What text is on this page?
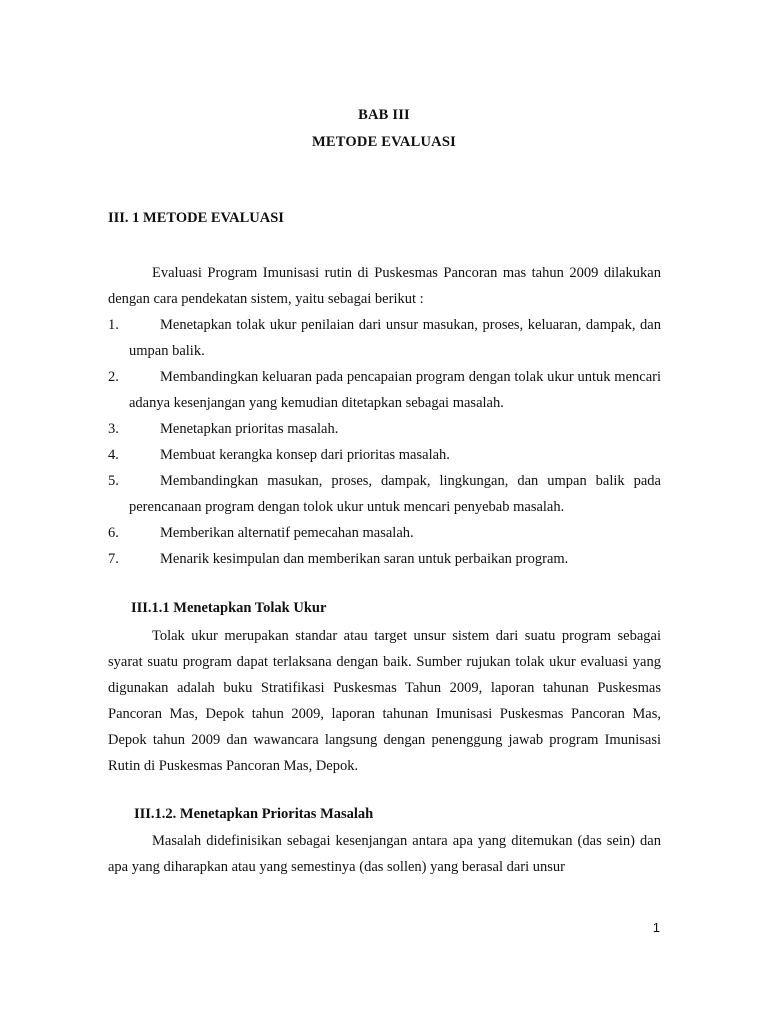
BAB III
METODE EVALUASI
III. 1 METODE EVALUASI
Evaluasi Program Imunisasi rutin di Puskesmas Pancoran mas tahun 2009 dilakukan dengan cara pendekatan sistem, yaitu sebagai berikut :
1.	Menetapkan tolak ukur penilaian dari unsur masukan, proses, keluaran, dampak, dan umpan balik.
2.	Membandingkan keluaran pada pencapaian program dengan tolak ukur untuk mencari adanya kesenjangan yang kemudian ditetapkan sebagai masalah.
3.	Menetapkan prioritas masalah.
4.	Membuat kerangka konsep dari prioritas masalah.
5.	Membandingkan masukan, proses, dampak, lingkungan, dan umpan balik pada perencanaan program dengan tolok ukur untuk mencari penyebab masalah.
6.	Memberikan alternatif pemecahan masalah.
7.	Menarik kesimpulan dan memberikan saran untuk perbaikan program.
III.1.1 Menetapkan Tolak Ukur
Tolak ukur merupakan standar atau target unsur sistem dari suatu program sebagai syarat suatu program dapat terlaksana dengan baik. Sumber rujukan tolak ukur evaluasi yang digunakan adalah buku Stratifikasi Puskesmas Tahun 2009, laporan tahunan Puskesmas Pancoran Mas, Depok tahun 2009, laporan tahunan Imunisasi Puskesmas Pancoran Mas, Depok tahun 2009 dan wawancara langsung dengan penenggung jawab program Imunisasi Rutin di Puskesmas Pancoran Mas, Depok.
III.1.2. Menetapkan Prioritas Masalah
Masalah didefinisikan sebagai kesenjangan antara apa yang ditemukan (das sein) dan apa yang diharapkan atau yang semestinya (das sollen) yang berasal dari unsur
1
